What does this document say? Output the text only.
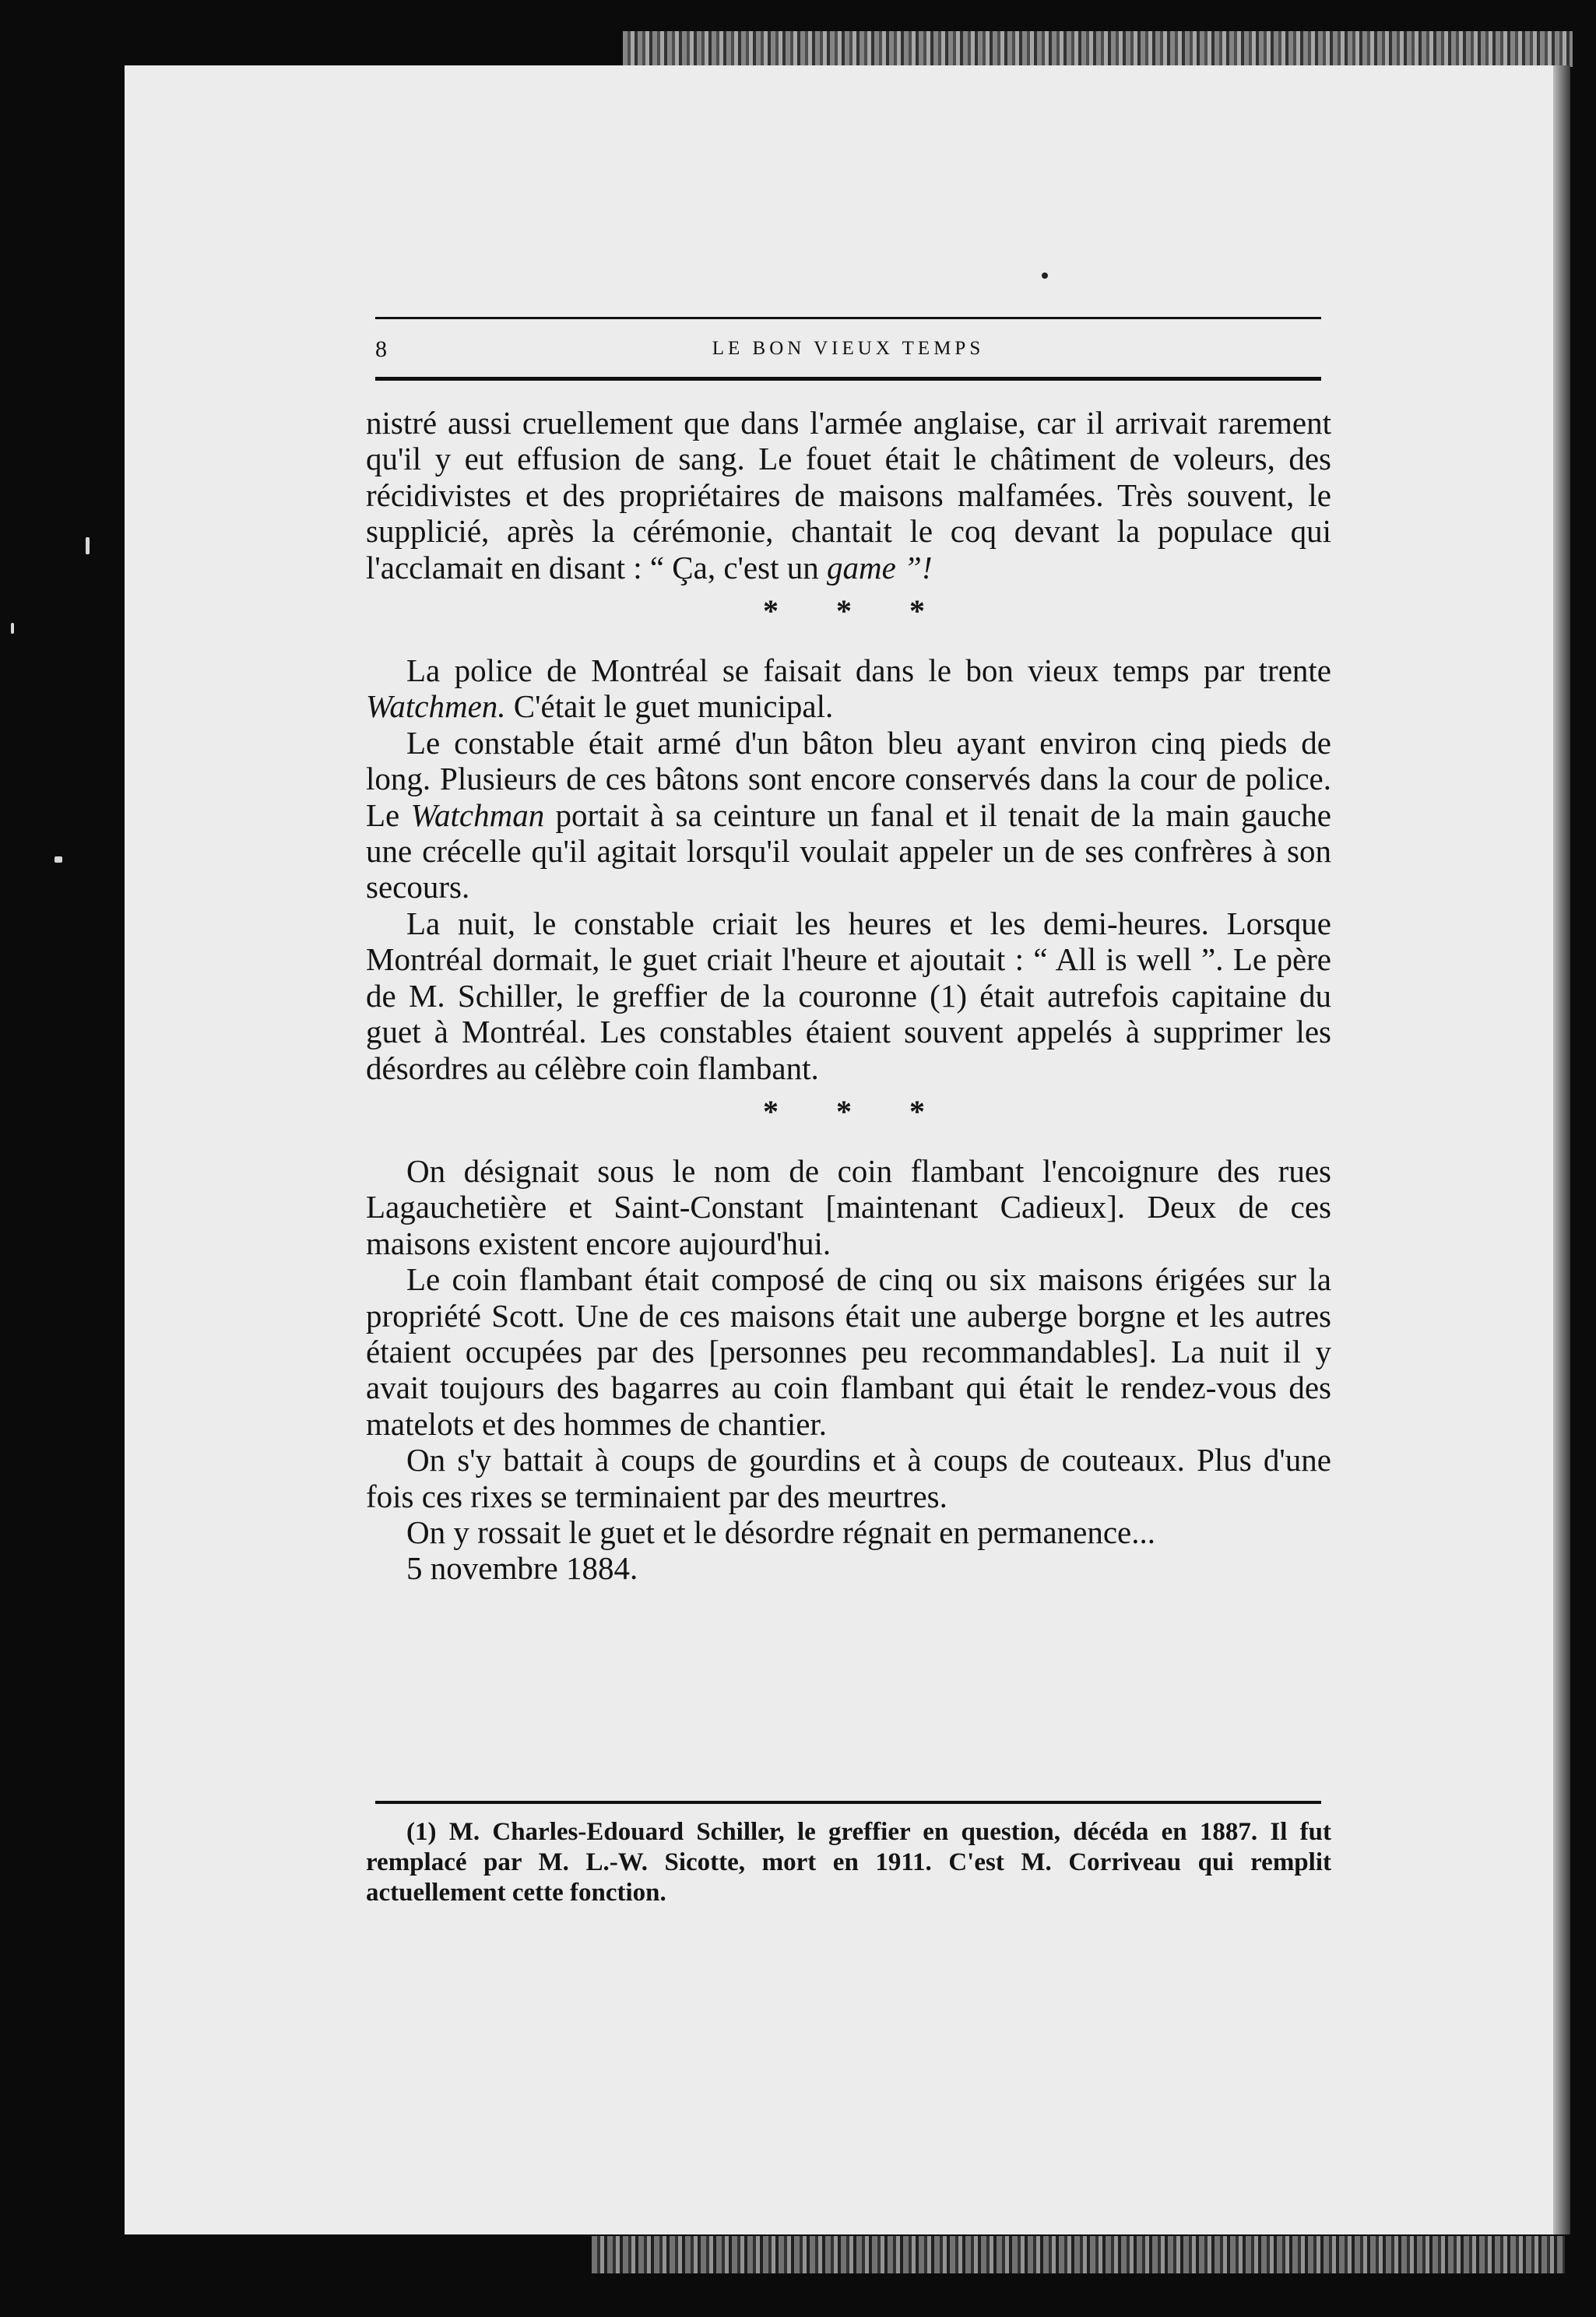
8	LE BON VIEUX TEMPS

nistré aussi cruellement que dans l'armée anglaise, car il arrivait rarement qu'il y eut effusion de sang. Le fouet était le châtiment de voleurs, des récidivistes et des propriétaires de maisons malfamées. Très souvent, le supplicié, après la cérémonie, chantait le coq devant la populace qui l'acclamait en disant : “ Ça, c'est un game ”!

* * *

La police de Montréal se faisait dans le bon vieux temps par trente Watchmen. C'était le guet municipal.

Le constable était armé d'un bâton bleu ayant environ cinq pieds de long. Plusieurs de ces bâtons sont encore conservés dans la cour de police. Le Watchman portait à sa ceinture un fanal et il tenait de la main gauche une crécelle qu'il agitait lorsqu'il voulait appeler un de ses confrères à son secours.

La nuit, le constable criait les heures et les demi-heures. Lorsque Montréal dormait, le guet criait l'heure et ajoutait : “ All is well ”. Le père de M. Schiller, le greffier de la couronne (1) était autrefois capitaine du guet à Montréal. Les constables étaient souvent appelés à supprimer les désordres au célèbre coin flambant.

* * *

On désignait sous le nom de coin flambant l'encoignure des rues Lagauchetière et Saint-Constant [maintenant Cadieux]. Deux de ces maisons existent encore aujourd'hui.

Le coin flambant était composé de cinq ou six maisons érigées sur la propriété Scott. Une de ces maisons était une auberge borgne et les autres étaient occupées par des [personnes peu recommandables]. La nuit il y avait toujours des bagarres au coin flambant qui était le rendez-vous des matelots et des hommes de chantier.

On s'y battait à coups de gourdins et à coups de couteaux. Plus d'une fois ces rixes se terminaient par des meurtres.

On y rossait le guet et le désordre régnait en permanence...

5 novembre 1884.

(1) M. Charles-Edouard Schiller, le greffier en question, décéda en 1887. Il fut remplacé par M. L.-W. Sicotte, mort en 1911. C'est M. Corriveau qui remplit actuellement cette fonction.
